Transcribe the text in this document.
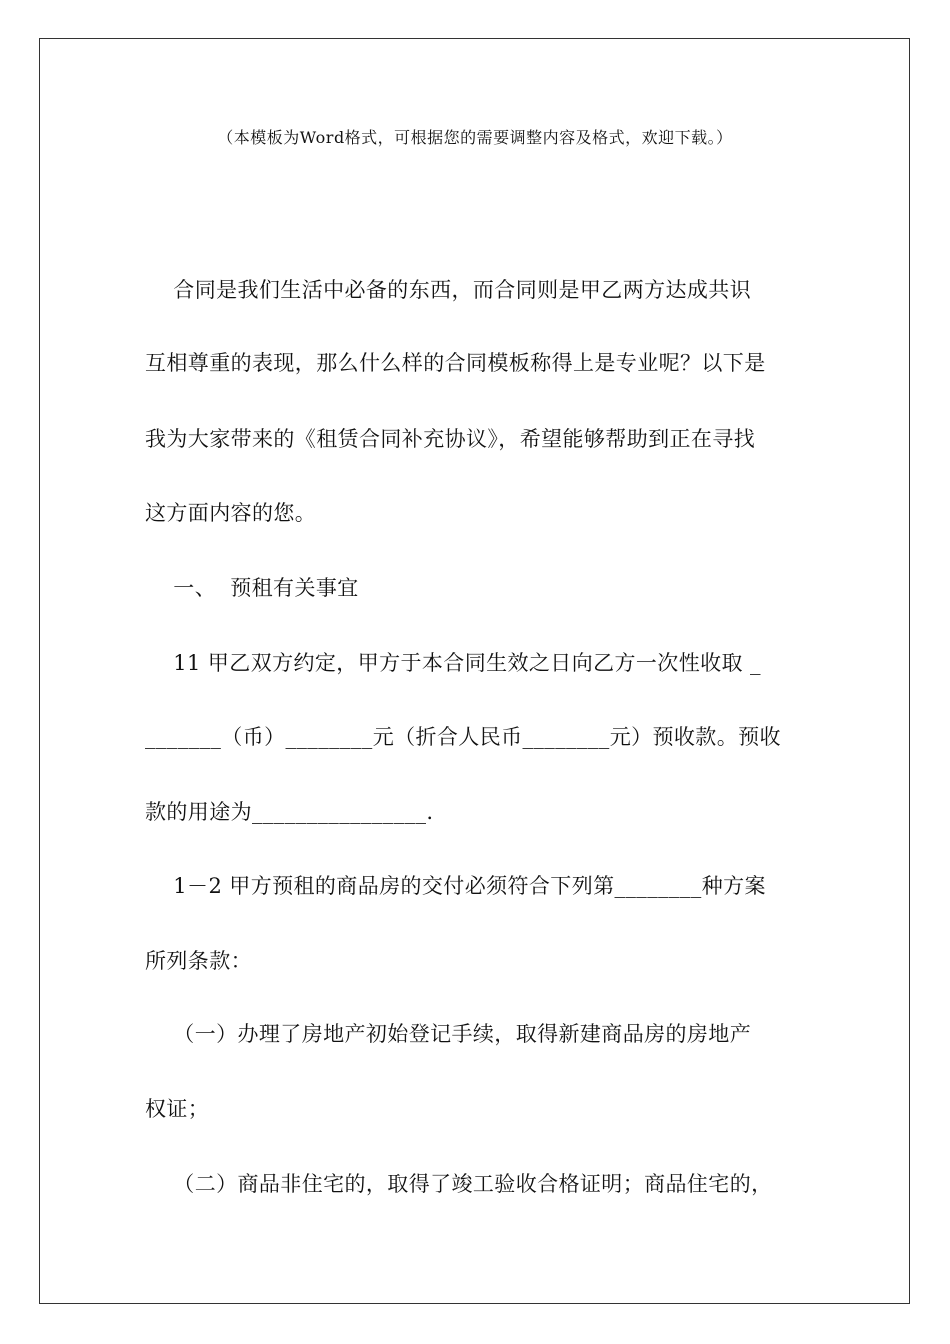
（本模板为Word格式，可根据您的需要调整内容及格式，欢迎下载。）
合同是我们生活中必备的东西，而合同则是甲乙两方达成共识
互相尊重的表现，那么什么样的合同模板称得上是专业呢？以下是
我为大家带来的《租赁合同补充协议》，希望能够帮助到正在寻找
这方面内容的您。
一、  预租有关事宜
11 甲乙双方约定，甲方于本合同生效之日向乙方一次性收取 _
_______（币）________元（折合人民币________元）预收款。预收
款的用途为________________.
1－2 甲方预租的商品房的交付必须符合下列第________种方案
所列条款：
（一）办理了房地产初始登记手续，取得新建商品房的房地产
权证；
（二）商品非住宅的，取得了竣工验收合格证明；商品住宅的，
